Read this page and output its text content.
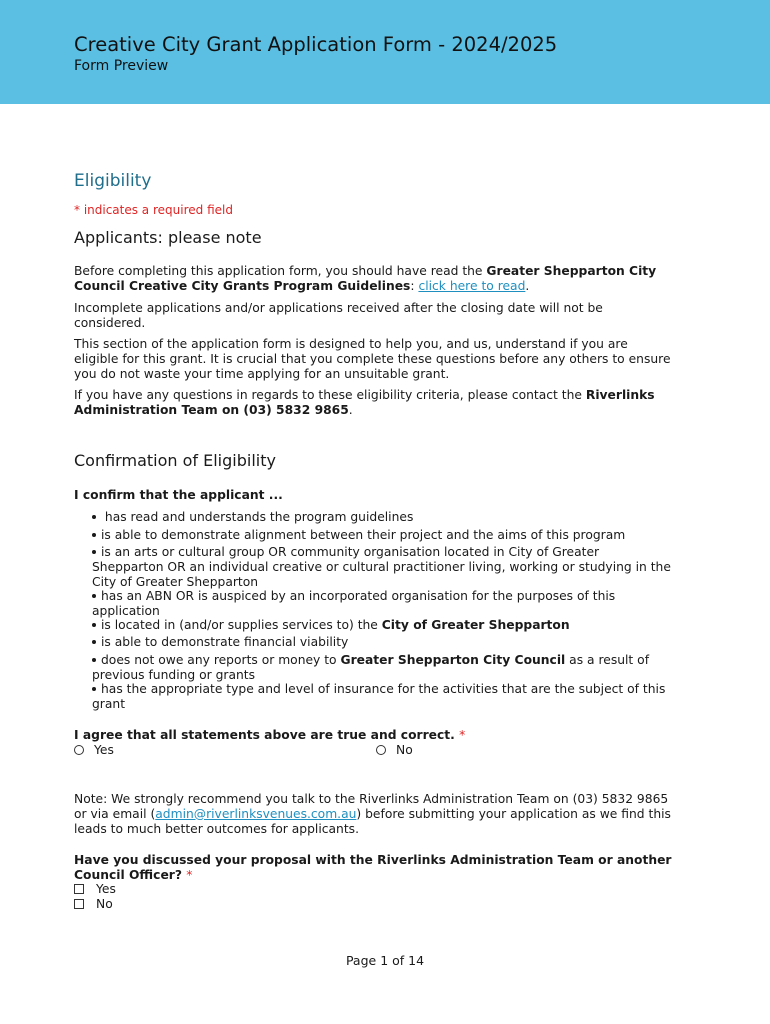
Creative City Grant Application Form - 2024/2025
Form Preview
Eligibility
* indicates a required field
Applicants: please note
Before completing this application form, you should have read the Greater Shepparton City Council Creative City Grants Program Guidelines: click here to read.
Incomplete applications and/or applications received after the closing date will not be considered.
This section of the application form is designed to help you, and us, understand if you are eligible for this grant. It is crucial that you complete these questions before any others to ensure you do not waste your time applying for an unsuitable grant.
If you have any questions in regards to these eligibility criteria, please contact the Riverlinks Administration Team on (03) 5832 9865.
Confirmation of Eligibility
I confirm that the applicant ...
has read and understands the program guidelines
is able to demonstrate alignment between their project and the aims of this program
is an arts or cultural group OR community organisation located in City of Greater Shepparton OR an individual creative or cultural practitioner living, working or studying in the City of Greater Shepparton
has an ABN OR is auspiced by an incorporated organisation for the purposes of this application
is located in (and/or supplies services to) the City of Greater Shepparton
is able to demonstrate financial viability
does not owe any reports or money to Greater Shepparton City Council as a result of previous funding or grants
has the appropriate type and level of insurance for the activities that are the subject of this grant
I agree that all statements above are true and correct. *
Yes	No
Note: We strongly recommend you talk to the Riverlinks Administration Team on (03) 5832 9865 or via email (admin@riverlinksvenues.com.au) before submitting your application as we find this leads to much better outcomes for applicants.
Have you discussed your proposal with the Riverlinks Administration Team or another Council Officer? *
Yes
No
Page 1 of 14
